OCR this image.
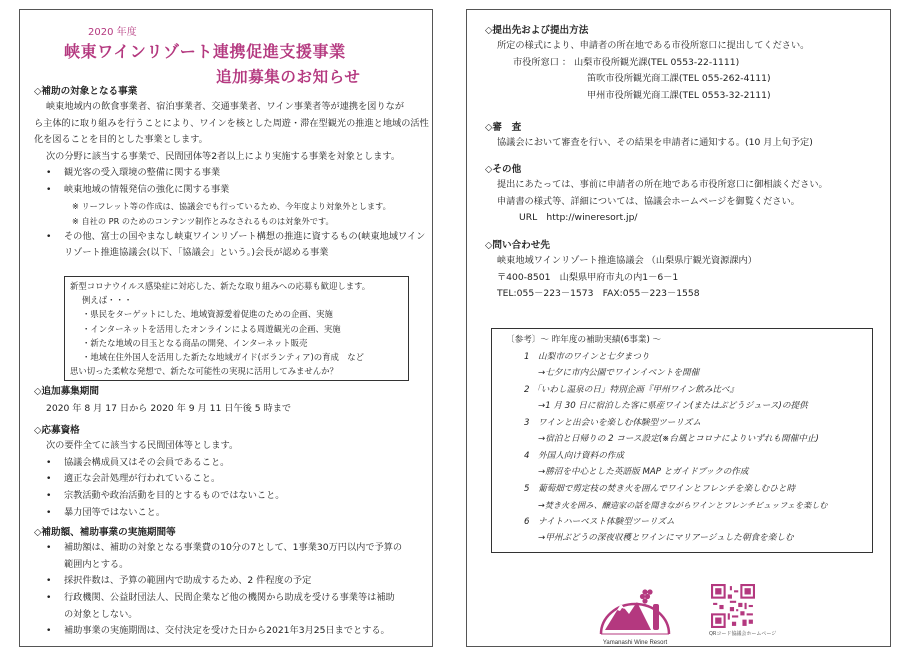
2020 年度
峡東ワインリゾート連携促進支援事業
追加募集のお知らせ

◇補助の対象となる事業

峡東地域内の飲食事業者、宿泊事業者、交通事業者、ワイン事業者等が連携を図りなが

ら主体的に取り組みを行うことにより、ワインを核とした周遊・滞在型観光の推進と地域の活性

化を図ることを目的とした事業とします。

次の分野に該当する事業で、民間団体等2者以上により実施する事業を対象とします。

• 観光客の受入環境の整備に関する事業
• 峡東地域の情報発信の強化に関する事業
※ リーフレット等の作成は、協議会でも行っているため、今年度より対象外とします。
※ 自社の PR のためのコンテンツ制作とみなされるものは対象外です。
• その他、富士の国やまなし峡東ワインリゾート構想の推進に資するもの(峡東地域ワイン
リゾート推進協議会(以下、「協議会」という。)会長が認める事業

新型コロナウイルス感染症に対応した、新たな取り組みへの応募も歓迎します。

例えば・・・

・県民をターゲットにした、地域資源愛着促進のための企画、実施

・インターネットを活用したオンラインによる周遊観光の企画、実施

・新たな地域の目玉となる商品の開発、インターネット販売

・地域在住外国人を活用した新たな地域ガイド(ボランティア)の育成　など

思い切った柔軟な発想で、新たな可能性の実現に活用してみませんか？

◇追加募集期間

2020 年 8 月 17 日から 2020 年 9 月 11 日午後 5 時まで

◇応募資格

次の要件全てに該当する民間団体等とします。

• 協議会構成員又はその会員であること。
• 適正な会計処理が行われていること。
• 宗教活動や政治活動を目的とするものではないこと。
• 暴力団等ではないこと。

◇補助額、補助事業の実施期間等

• 補助額は、補助の対象となる事業費の10分の7として、1事業30万円以内で予算の
範囲内とする。
• 採択件数は、予算の範囲内で助成するため、2 件程度の予定
• 行政機関、公益財団法人、民間企業など他の機関から助成を受ける事業等は補助
の対象としない。
• 補助事業の実施期間は、交付決定を受けた日から2021年3月25日までとする。

◇提出先および提出方法

所定の様式により、申請者の所在地である市役所窓口に提出してください。

市役所窓口 ： 山梨市役所観光課(TEL 0553-22-1111)

笛吹市役所観光商工課(TEL 055-262-4111)

甲州市役所観光商工課(TEL 0553-32-2111)

◇審　査

協議会において審査を行い、その結果を申請者に通知する。(10 月上旬予定)

◇その他

提出にあたっては、事前に申請者の所在地である市役所窓口に御相談ください。

申請書の様式等、詳細については、協議会ホームページを御覧ください。

URL　http://wineresort.jp/

◇問い合わせ先

峡東地域ワインリゾート推進協議会 （山梨県庁観光資源課内）

〒400-8501　山梨県甲府市丸の内1－6－1

TEL:055－223－1573　FAX:055－223－1558

〔参考〕～ 昨年度の補助実績(6事業) ～

1　山梨市のワインと七夕まつり

→七夕に市内公園でワインイベントを開催

2 「いわし温泉の日」特別企画『甲州ワイン飲み比べ』

→1 月 30 日に宿泊した客に県産ワイン(またはぶどうジュース)の提供

3　ワインと出会いを楽しむ体験型ツーリズム

→宿泊と日帰りの 2 コース設定(※台風とコロナによりいずれも開催中止)

4　外国人向け資料の作成

→勝沼を中心とした英語版 MAP とガイドブックの作成

5　葡萄畑で剪定枝の焚き火を囲んでワインとフレンチを楽しむひと時

→焚き火を囲み、醸造家の話を聞きながらワインとフレンチビュッフェを楽しむ

6　ナイトハーベスト体験型ツーリズム

→甲州ぶどうの深夜収穫とワインにマリアージュした朝食を楽しむ

Yamanashi Wine Resort
QRコード協議会ホームページ
